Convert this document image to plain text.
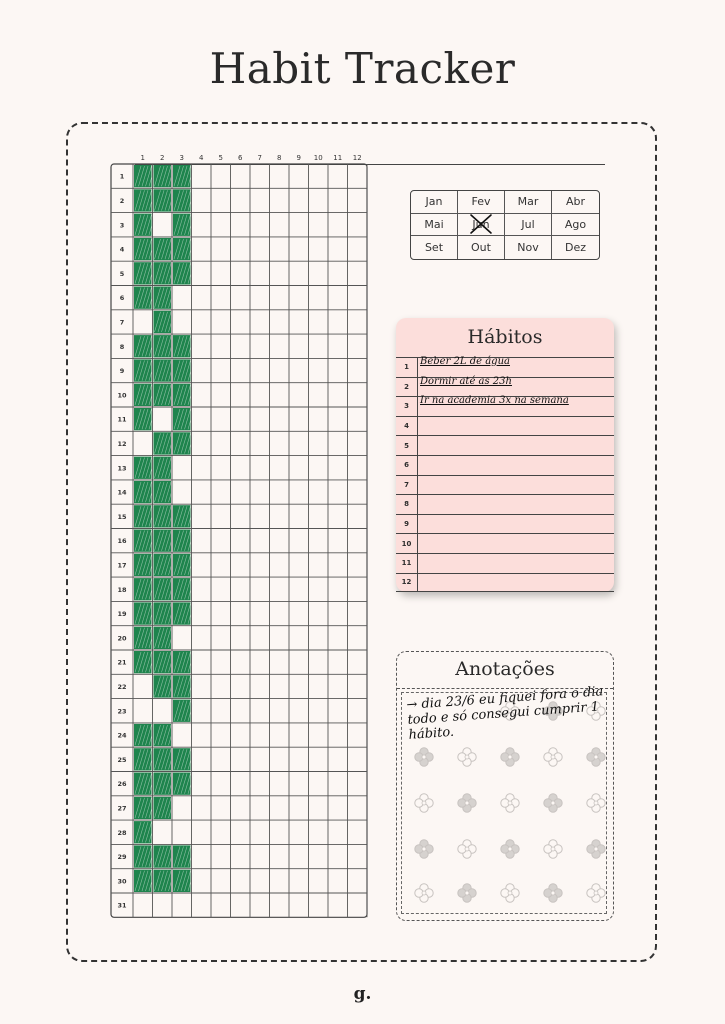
Habit Tracker
1 2 3 4 5 6 7 8 9 10 11 12
1
2
3
4
5
6
7
8
9
10
11
12
13
14
15
16
17
18
19
20
21
22
23
24
25
26
27
28
29
30
31
Jan	Fev Mar	Abr
Mai	Jun	Jul	Ago
Set	Out Nov Dez
Hábitos
1
Beber 2L de água
2
Dormir até as 23h
3
Ir na academia 3x na semana
4
5
6
7
8
9
10
11
12
Anotações
→ dia 23/6 eu fiquei fora o dia todo e só consegui cumprir 1 hábito.
g.
